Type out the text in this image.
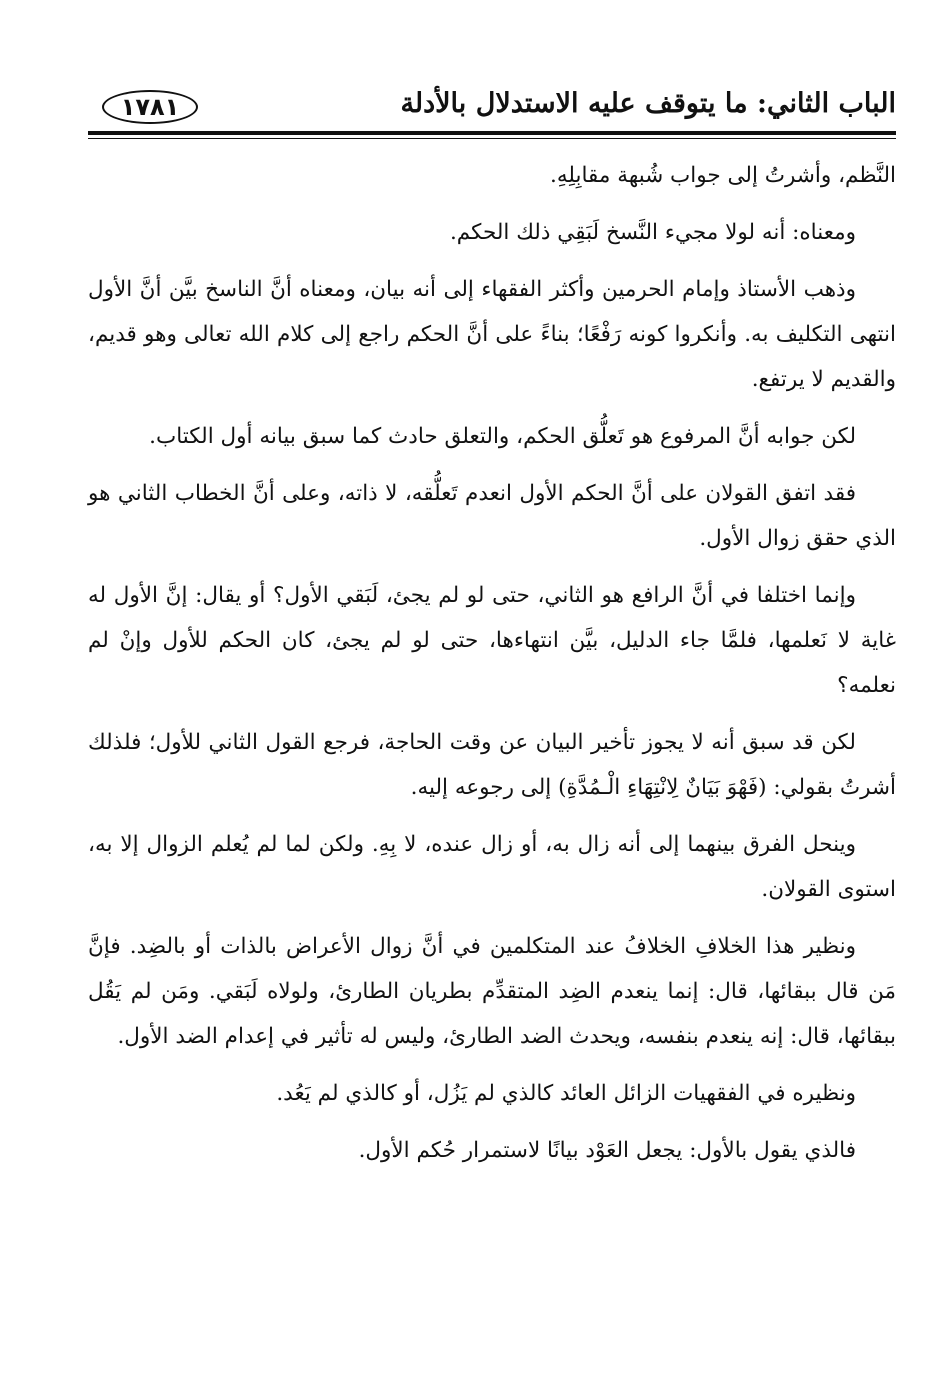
الباب الثاني: ما يتوقف عليه الاستدلال بالأدلة
١٧٨١

النَّظم، وأشرتُ إلى جواب شُبهة مقابِلِهِ.

ومعناه: أنه لولا مجيء النَّسخ لَبَقِي ذلك الحكم.

وذهب الأستاذ وإمام الحرمين وأكثر الفقهاء إلى أنه بيان، ومعناه أنَّ الناسخ بيَّن أنَّ الأول انتهى التكليف به. وأنكروا كونه رَفْعًا؛ بناءً على أنَّ الحكم راجع إلى كلام الله تعالى وهو قديم، والقديم لا يرتفع.

لكن جوابه أنَّ المرفوع هو تَعلُّق الحكم، والتعلق حادث كما سبق بيانه أول الكتاب.

فقد اتفق القولان على أنَّ الحكم الأول انعدم تَعلُّقه، لا ذاته، وعلى أنَّ الخطاب الثاني هو الذي حقق زوال الأول.

وإنما اختلفا في أنَّ الرافع هو الثاني، حتى لو لم يجئ، لَبَقي الأول؟ أو يقال: إنَّ الأول له غاية لا نَعلمها، فلمَّا جاء الدليل، بيَّن انتهاءها، حتى لو لم يجئ، كان الحكم للأول وإنْ لم نعلمه؟

لكن قد سبق أنه لا يجوز تأخير البيان عن وقت الحاجة، فرجع القول الثاني للأول؛ فلذلك أشرتُ بقولي: (فَهْوَ بَيَانٌ لِانْتِهَاءِ الْـمُدَّةِ) إلى رجوعه إليه.

وينحل الفرق بينهما إلى أنه زال به، أو زال عنده، لا بِهِ. ولكن لما لم يُعلم الزوال إلا به، استوى القولان.

ونظير هذا الخلافِ الخلافُ عند المتكلمين في أنَّ زوال الأعراض بالذات أو بالضِد. فإنَّ مَن قال ببقائها، قال: إنما ينعدم الضِد المتقدِّم بطريان الطارئ، ولولاه لَبَقي. ومَن لم يَقُل ببقائها، قال: إنه ينعدم بنفسه، ويحدث الضد الطارئ، وليس له تأثير في إعدام الضد الأول.

ونظيره في الفقهيات الزائل العائد كالذي لم يَزُل، أو كالذي لم يَعُد.

فالذي يقول بالأول: يجعل العَوْد بيانًا لاستمرار حُكم الأول.
